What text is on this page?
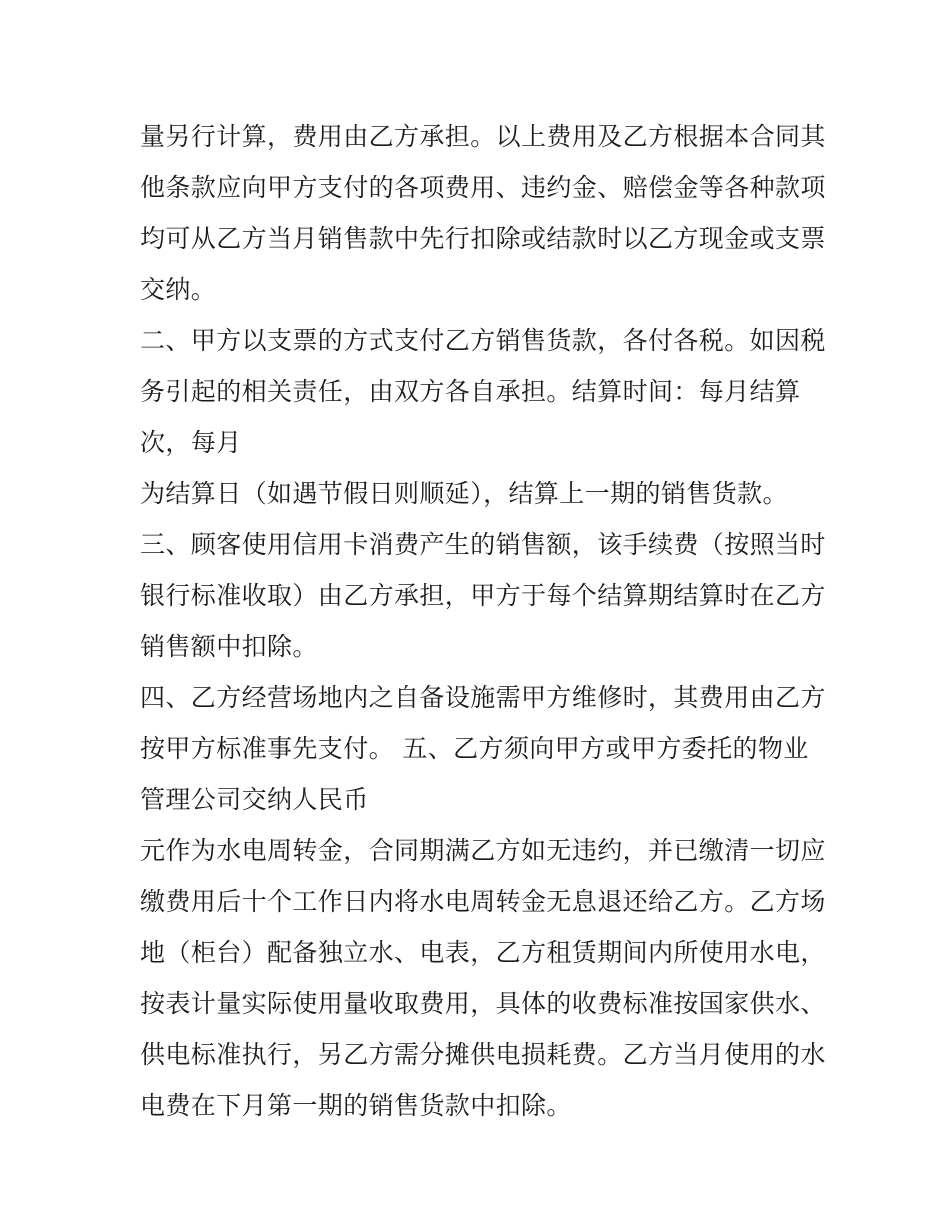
量另行计算，费用由乙方承担。以上费用及乙方根据本合同其
他条款应向甲方支付的各项费用、违约金、赔偿金等各种款项
均可从乙方当月销售款中先行扣除或结款时以乙方现金或支票
交纳。
二、甲方以支票的方式支付乙方销售货款，各付各税。如因税
务引起的相关责任，由双方各自承担。结算时间：每月结算
次，每月
为结算日（如遇节假日则顺延），结算上一期的销售货款。
三、顾客使用信用卡消费产生的销售额，该手续费（按照当时
银行标准收取）由乙方承担，甲方于每个结算期结算时在乙方
销售额中扣除。
四、乙方经营场地内之自备设施需甲方维修时，其费用由乙方
按甲方标准事先支付。 五、乙方须向甲方或甲方委托的物业
管理公司交纳人民币
元作为水电周转金，合同期满乙方如无违约，并已缴清一切应
缴费用后十个工作日内将水电周转金无息退还给乙方。乙方场
地（柜台）配备独立水、电表，乙方租赁期间内所使用水电，
按表计量实际使用量收取费用，具体的收费标准按国家供水、
供电标准执行，另乙方需分摊供电损耗费。乙方当月使用的水
电费在下月第一期的销售货款中扣除。
